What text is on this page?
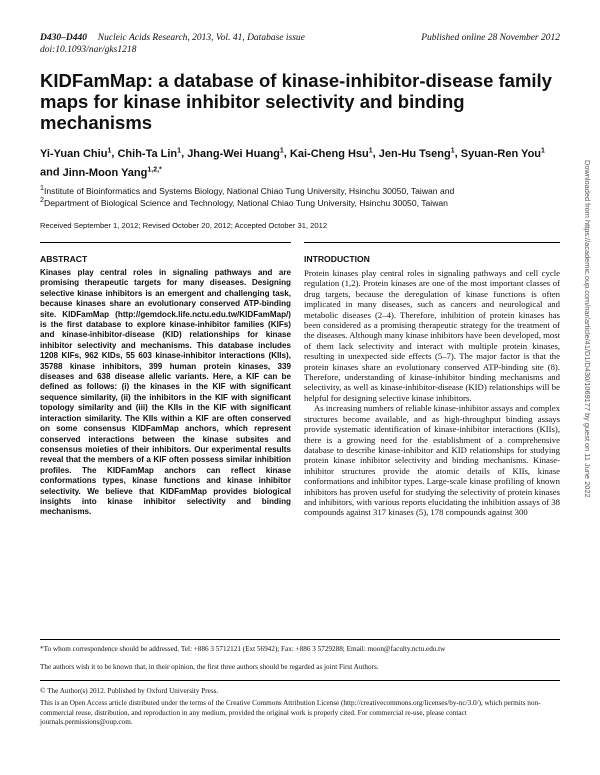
D430–D440 Nucleic Acids Research, 2013, Vol. 41, Database issue
doi:10.1093/nar/gks1218
Published online 28 November 2012
KIDFamMap: a database of kinase-inhibitor-disease family maps for kinase inhibitor selectivity and binding mechanisms
Yi-Yuan Chiu$^1$, Chih-Ta Lin$^1$, Jhang-Wei Huang$^1$, Kai-Cheng Hsu$^1$, Jen-Hu Tseng$^1$, Syuan-Ren You$^1$ and Jinn-Moon Yang$^{1,2,*}$
$^1$Institute of Bioinformatics and Systems Biology, National Chiao Tung University, Hsinchu 30050, Taiwan and
$^2$Department of Biological Science and Technology, National Chiao Tung University, Hsinchu 30050, Taiwan
Received September 1, 2012; Revised October 20, 2012; Accepted October 31, 2012
ABSTRACT
Kinases play central roles in signaling pathways and are promising therapeutic targets for many diseases. Designing selective kinase inhibitors is an emergent and challenging task, because kinases share an evolutionary conserved ATP-binding site. KIDFamMap (http://gemdock.life.nctu.edu.tw/KIDFamMap/) is the first database to explore kinase-inhibitor families (KIFs) and kinase-inhibitor-disease (KID) relationships for kinase inhibitor selectivity and mechanisms. This database includes 1208 KIFs, 962 KIDs, 55 603 kinase-inhibitor interactions (KIIs), 35788 kinase inhibitors, 399 human protein kinases, 339 diseases and 638 disease allelic variants. Here, a KIF can be defined as follows: (i) the kinases in the KIF with significant sequence similarity, (ii) the inhibitors in the KIF with significant topology similarity and (iii) the KIIs in the KIF with significant interaction similarity. The KIIs within a KIF are often conserved on some consensus KIDFamMap anchors, which represent conserved interactions between the kinase subsites and consensus moieties of their inhibitors. Our experimental results reveal that the members of a KIF often possess similar inhibition profiles. The KIDFamMap anchors can reflect kinase conformations types, kinase functions and kinase inhibitor selectivity. We believe that KIDFamMap provides biological insights into kinase inhibitor selectivity and binding mechanisms.
INTRODUCTION

Protein kinases play central roles in signaling pathways and cell cycle regulation (1,2). Protein kinases are one of the most important classes of drug targets, because the deregulation of kinase functions is often implicated in many diseases, such as cancers and neurological and metabolic diseases (2–4). Therefore, inhibition of protein kinases has been considered as a promising therapeutic strategy for the treatment of the diseases. Although many kinase inhibitors have been developed, most of them lack selectivity and interact with multiple protein kinases, resulting in unexpected side effects (5–7). The major factor is that the protein kinases share an evolutionary conserved ATP-binding site (8). Therefore, understanding of kinase-inhibitor binding mechanisms and selectivity, as well as kinase-inhibitor-disease (KID) relationships will be helpful for designing selective kinase inhibitors.

As increasing numbers of reliable kinase-inhibitor assays and complex structures become available, and as high-throughput binding assays provide systematic identification of kinase-inhibitor interactions (KIIs), there is a growing need for the establishment of a comprehensive database to describe kinase-inhibitor and KID relationships for studying protein kinase inhibitor selectivity and binding mechanisms. Kinase-inhibitor structures provide the atomic details of KIIs, kinase conformations and inhibitor types. Large-scale kinase profiling of known inhibitors has proven useful for studying the selectivity of protein kinases and inhibitors, with various reports elucidating the inhibition assays of 38 compounds against 317 kinases (5), 178 compounds against 300

*To whom correspondence should be addressed. Tel: +886 3 5712121 (Ext 56942); Fax: +886 3 5729288; Email: moon@faculty.nctu.edu.tw
The authors wish it to be known that, in their opinion, the first three authors should be regarded as joint First Authors.
© The Author(s) 2012. Published by Oxford University Press.
This is an Open Access article distributed under the terms of the Creative Commons Attribution License (http://creativecommons.org/licenses/by-nc/3.0/), which permits non-commercial reuse, distribution, and reproduction in any medium, provided the original work is properly cited. For commercial re-use, please contact journals.permissions@oup.com.
Downloaded from https://academic.oup.com/nar/article/41/D1/D430/1069177 by guest on 11 June 2022
